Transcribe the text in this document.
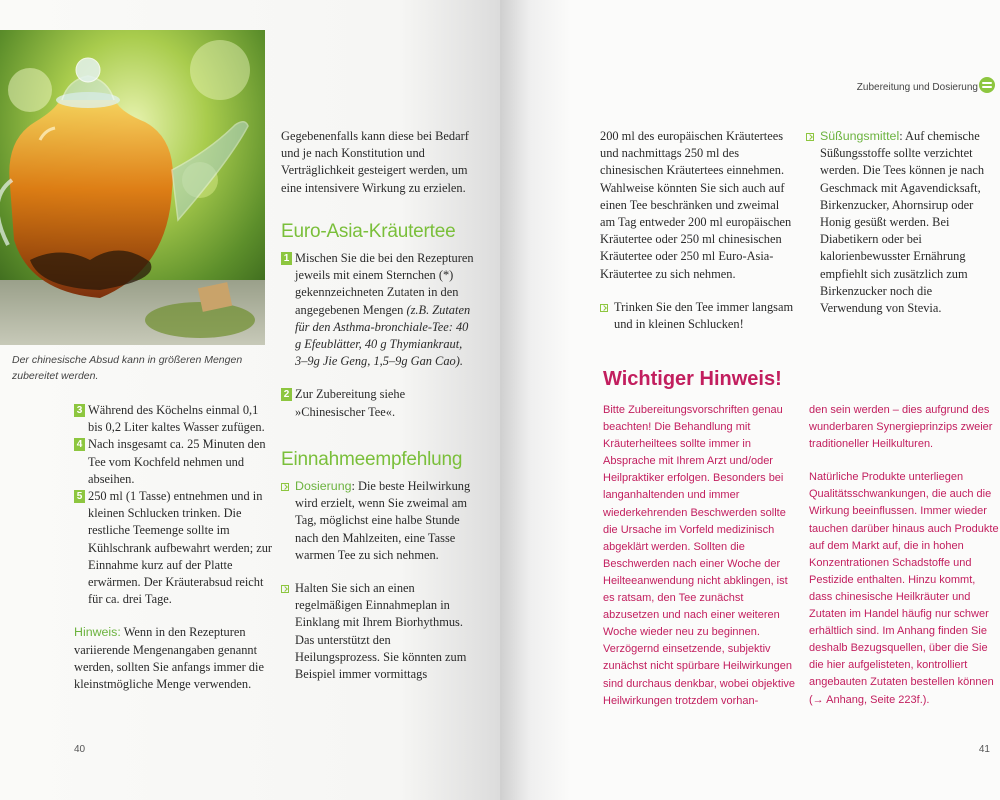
Der chinesische Absud kann in größeren Mengen zubereitet werden.
3 Während des Köchelns einmal 0,1 bis 0,2 Liter kaltes Wasser zufügen.
4 Nach insgesamt ca. 25 Minuten den Tee vom Kochfeld nehmen und abseihen.
5 250 ml (1 Tasse) entnehmen und in kleinen Schlucken trinken. Die restliche Teemenge sollte im Kühlschrank aufbewahrt werden; zur Einnahme kurz auf der Platte erwärmen. Der Kräuterabsud reicht für ca. drei Tage.

Hinweis: Wenn in den Rezepturen variierende Mengenangaben genannt werden, sollten Sie anfangs immer die kleinstmögliche Menge verwenden.

Gegebenenfalls kann diese bei Bedarf und je nach Konstitution und Verträglichkeit gesteigert werden, um eine intensivere Wirkung zu erzielen.

Euro-Asia-Kräutertee
1 Mischen Sie die bei den Rezepturen jeweils mit einem Sternchen (*) gekennzeichneten Zutaten in den angegebenen Mengen (z.B. Zutaten für den Asthma-bronchiale-Tee: 40 g Efeublätter, 40 g Thymiankraut, 3–9g Jie Geng, 1,5–9g Gan Cao).
2 Zur Zubereitung siehe »Chinesischer Tee«.
Einnahmeempfehlung
Dosierung: Die beste Heilwirkung wird erzielt, wenn Sie zweimal am Tag, möglichst eine halbe Stunde nach den Mahlzeiten, eine Tasse warmen Tee zu sich nehmen.
Halten Sie sich an einen regelmäßigen Einnahmeplan in Einklang mit Ihrem Biorhythmus. Das unterstützt den Heilungsprozess. Sie könnten zum Beispiel immer vormittags
40
Zubereitung und Dosierung

200 ml des europäischen Kräutertees und nachmittags 250 ml des chinesischen Kräutertees einnehmen. Wahlweise könnten Sie sich auch auf einen Tee beschränken und zweimal am Tag entweder 200 ml europäischen Kräutertee oder 250 ml chinesischen Kräutertee oder 250 ml Euro-Asia-Kräutertee zu sich nehmen.

Trinken Sie den Tee immer langsam und in kleinen Schlucken!
Süßungsmittel: Auf chemische Süßungsstoffe sollte verzichtet werden. Die Tees können je nach Geschmack mit Agavendicksaft, Birkenzucker, Ahornsirup oder Honig gesüßt werden. Bei Diabetikern oder bei kalorienbewusster Ernährung empfiehlt sich zusätzlich zum Birkenzucker noch die Verwendung von Stevia.
Wichtiger Hinweis!
Bitte Zubereitungsvorschriften genau beachten! Die Behandlung mit Kräuterheiltees sollte immer in Absprache mit Ihrem Arzt und/oder Heilpraktiker erfolgen. Besonders bei langanhaltenden und immer wiederkehrenden Beschwerden sollte die Ursache im Vorfeld medizinisch abgeklärt werden. Sollten die Beschwerden nach einer Woche der Heilteeanwendung nicht abklingen, ist es ratsam, den Tee zunächst abzusetzen und nach einer weiteren Woche wieder neu zu beginnen. Verzögernd einsetzende, subjektiv zunächst nicht spürbare Heilwirkungen sind durchaus denkbar, wobei objektive Heilwirkungen trotzdem vorhan-

den sein werden – dies aufgrund des wunderbaren Synergieprinzips zweier traditioneller Heilkulturen.

Natürliche Produkte unterliegen Qualitätsschwankungen, die auch die Wirkung beeinflussen. Immer wieder tauchen darüber hinaus auch Produkte auf dem Markt auf, die in hohen Konzentrationen Schadstoffe und Pestizide enthalten. Hinzu kommt, dass chinesische Heilkräuter und Zutaten im Handel häufig nur schwer erhältlich sind. Im Anhang finden Sie deshalb Bezugsquellen, über die Sie die hier aufgelisteten, kontrolliert angebauten Zutaten bestellen können (→ Anhang, Seite 223f.).

41
